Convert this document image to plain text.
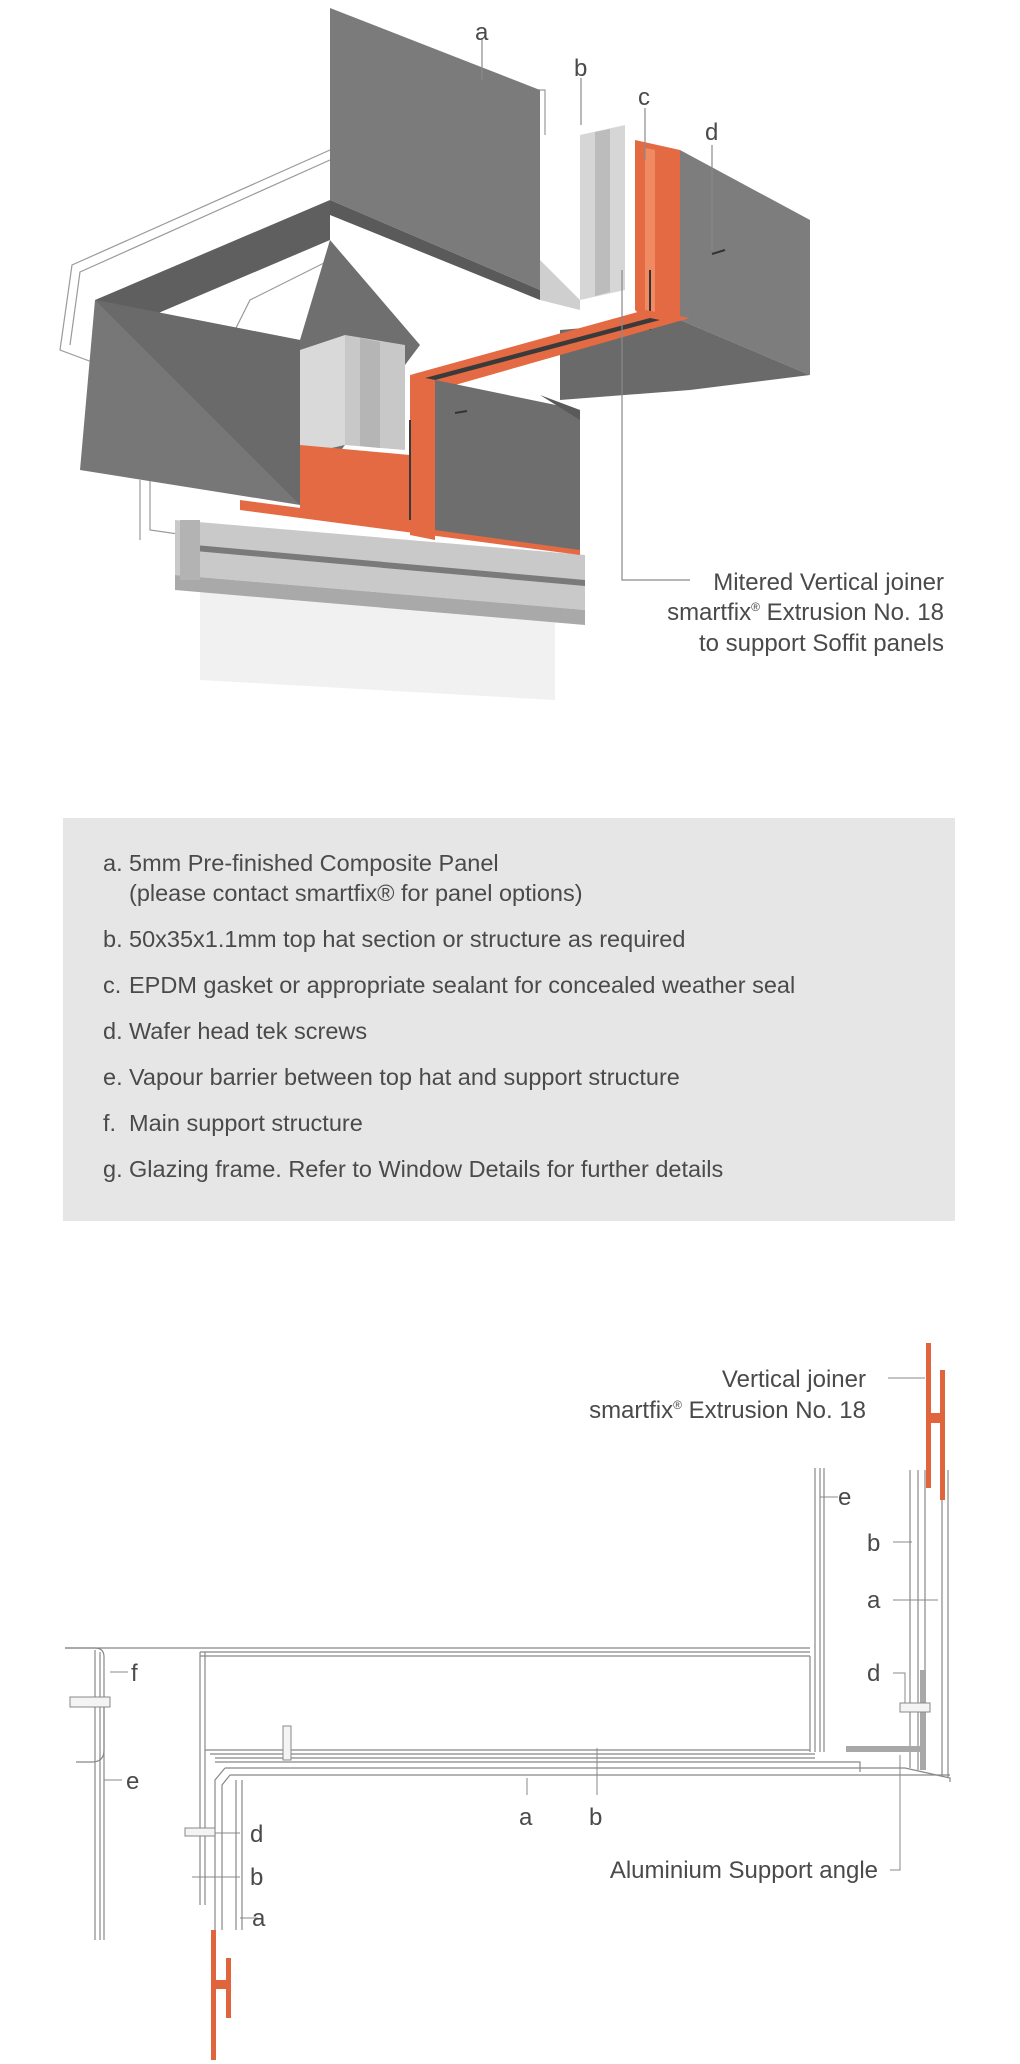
a
b
c
d
Mitered Vertical joiner
smartfix® Extrusion No. 18
to support Soffit panels
a. 5mm Pre-finished Composite Panel
(please contact smartfix® for panel options)
b. 50x35x1.1mm top hat section or structure as required
c. EPDM gasket or appropriate sealant for concealed weather seal
d. Wafer head tek screws
e. Vapour barrier between top hat and support structure
f. Main support structure
g. Glazing frame. Refer to Window Details for further details
Vertical joiner
smartfix® Extrusion No. 18
e
b
a
d
f
e
a b
d
b
a
Aluminium Support angle
